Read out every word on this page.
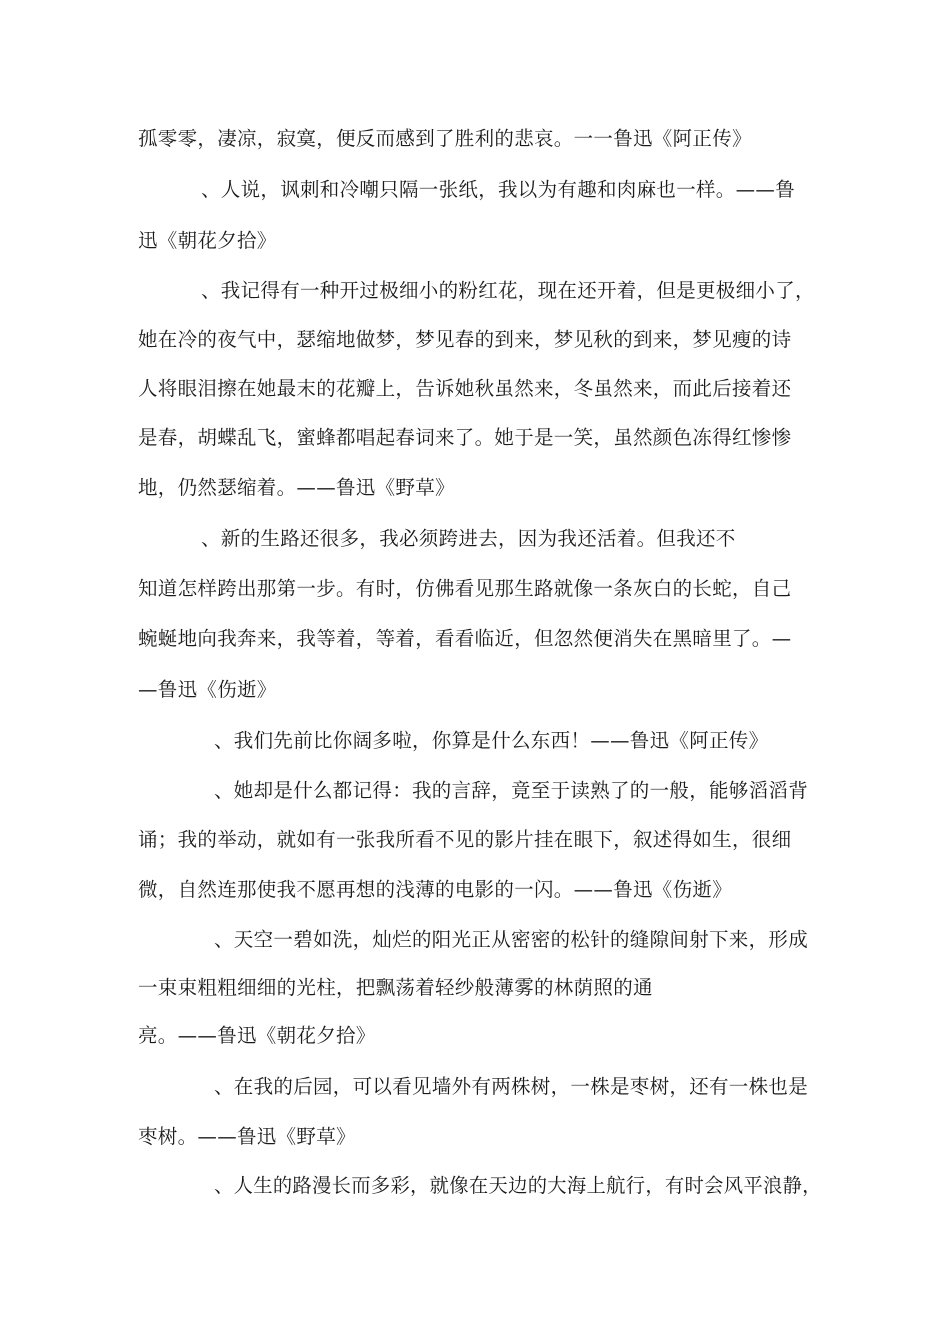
孤零零，凄凉，寂寞，便反而感到了胜利的悲哀。一一鲁迅《阿正传》
、人说，讽刺和冷嘲只隔一张纸，我以为有趣和肉麻也一样。——鲁
迅《朝花夕拾》
、我记得有一种开过极细小的粉红花，现在还开着，但是更极细小了，
她在冷的夜气中，瑟缩地做梦，梦见春的到来，梦见秋的到来，梦见瘦的诗
人将眼泪擦在她最末的花瓣上，告诉她秋虽然来，冬虽然来，而此后接着还
是春，胡蝶乱飞，蜜蜂都唱起春词来了。她于是一笑，虽然颜色冻得红惨惨
地，仍然瑟缩着。——鲁迅《野草》
、新的生路还很多，我必须跨进去，因为我还活着。但我还不
知道怎样跨出那第一步。有时，仿佛看见那生路就像一条灰白的长蛇，自己
蜿蜒地向我奔来，我等着，等着，看看临近，但忽然便消失在黑暗里了。—
—鲁迅《伤逝》
、我们先前比你阔多啦，你算是什么东西！——鲁迅《阿正传》
、她却是什么都记得：我的言辞，竟至于读熟了的一般，能够滔滔背
诵；我的举动，就如有一张我所看不见的影片挂在眼下，叙述得如生，很细
微，自然连那使我不愿再想的浅薄的电影的一闪。——鲁迅《伤逝》
、天空一碧如洗，灿烂的阳光正从密密的松针的缝隙间射下来，形成
一束束粗粗细细的光柱，把飘荡着轻纱般薄雾的林荫照的通
亮。——鲁迅《朝花夕拾》
、在我的后园，可以看见墙外有两株树，一株是枣树，还有一株也是
枣树。——鲁迅《野草》
、人生的路漫长而多彩，就像在天边的大海上航行，有时会风平浪静，
